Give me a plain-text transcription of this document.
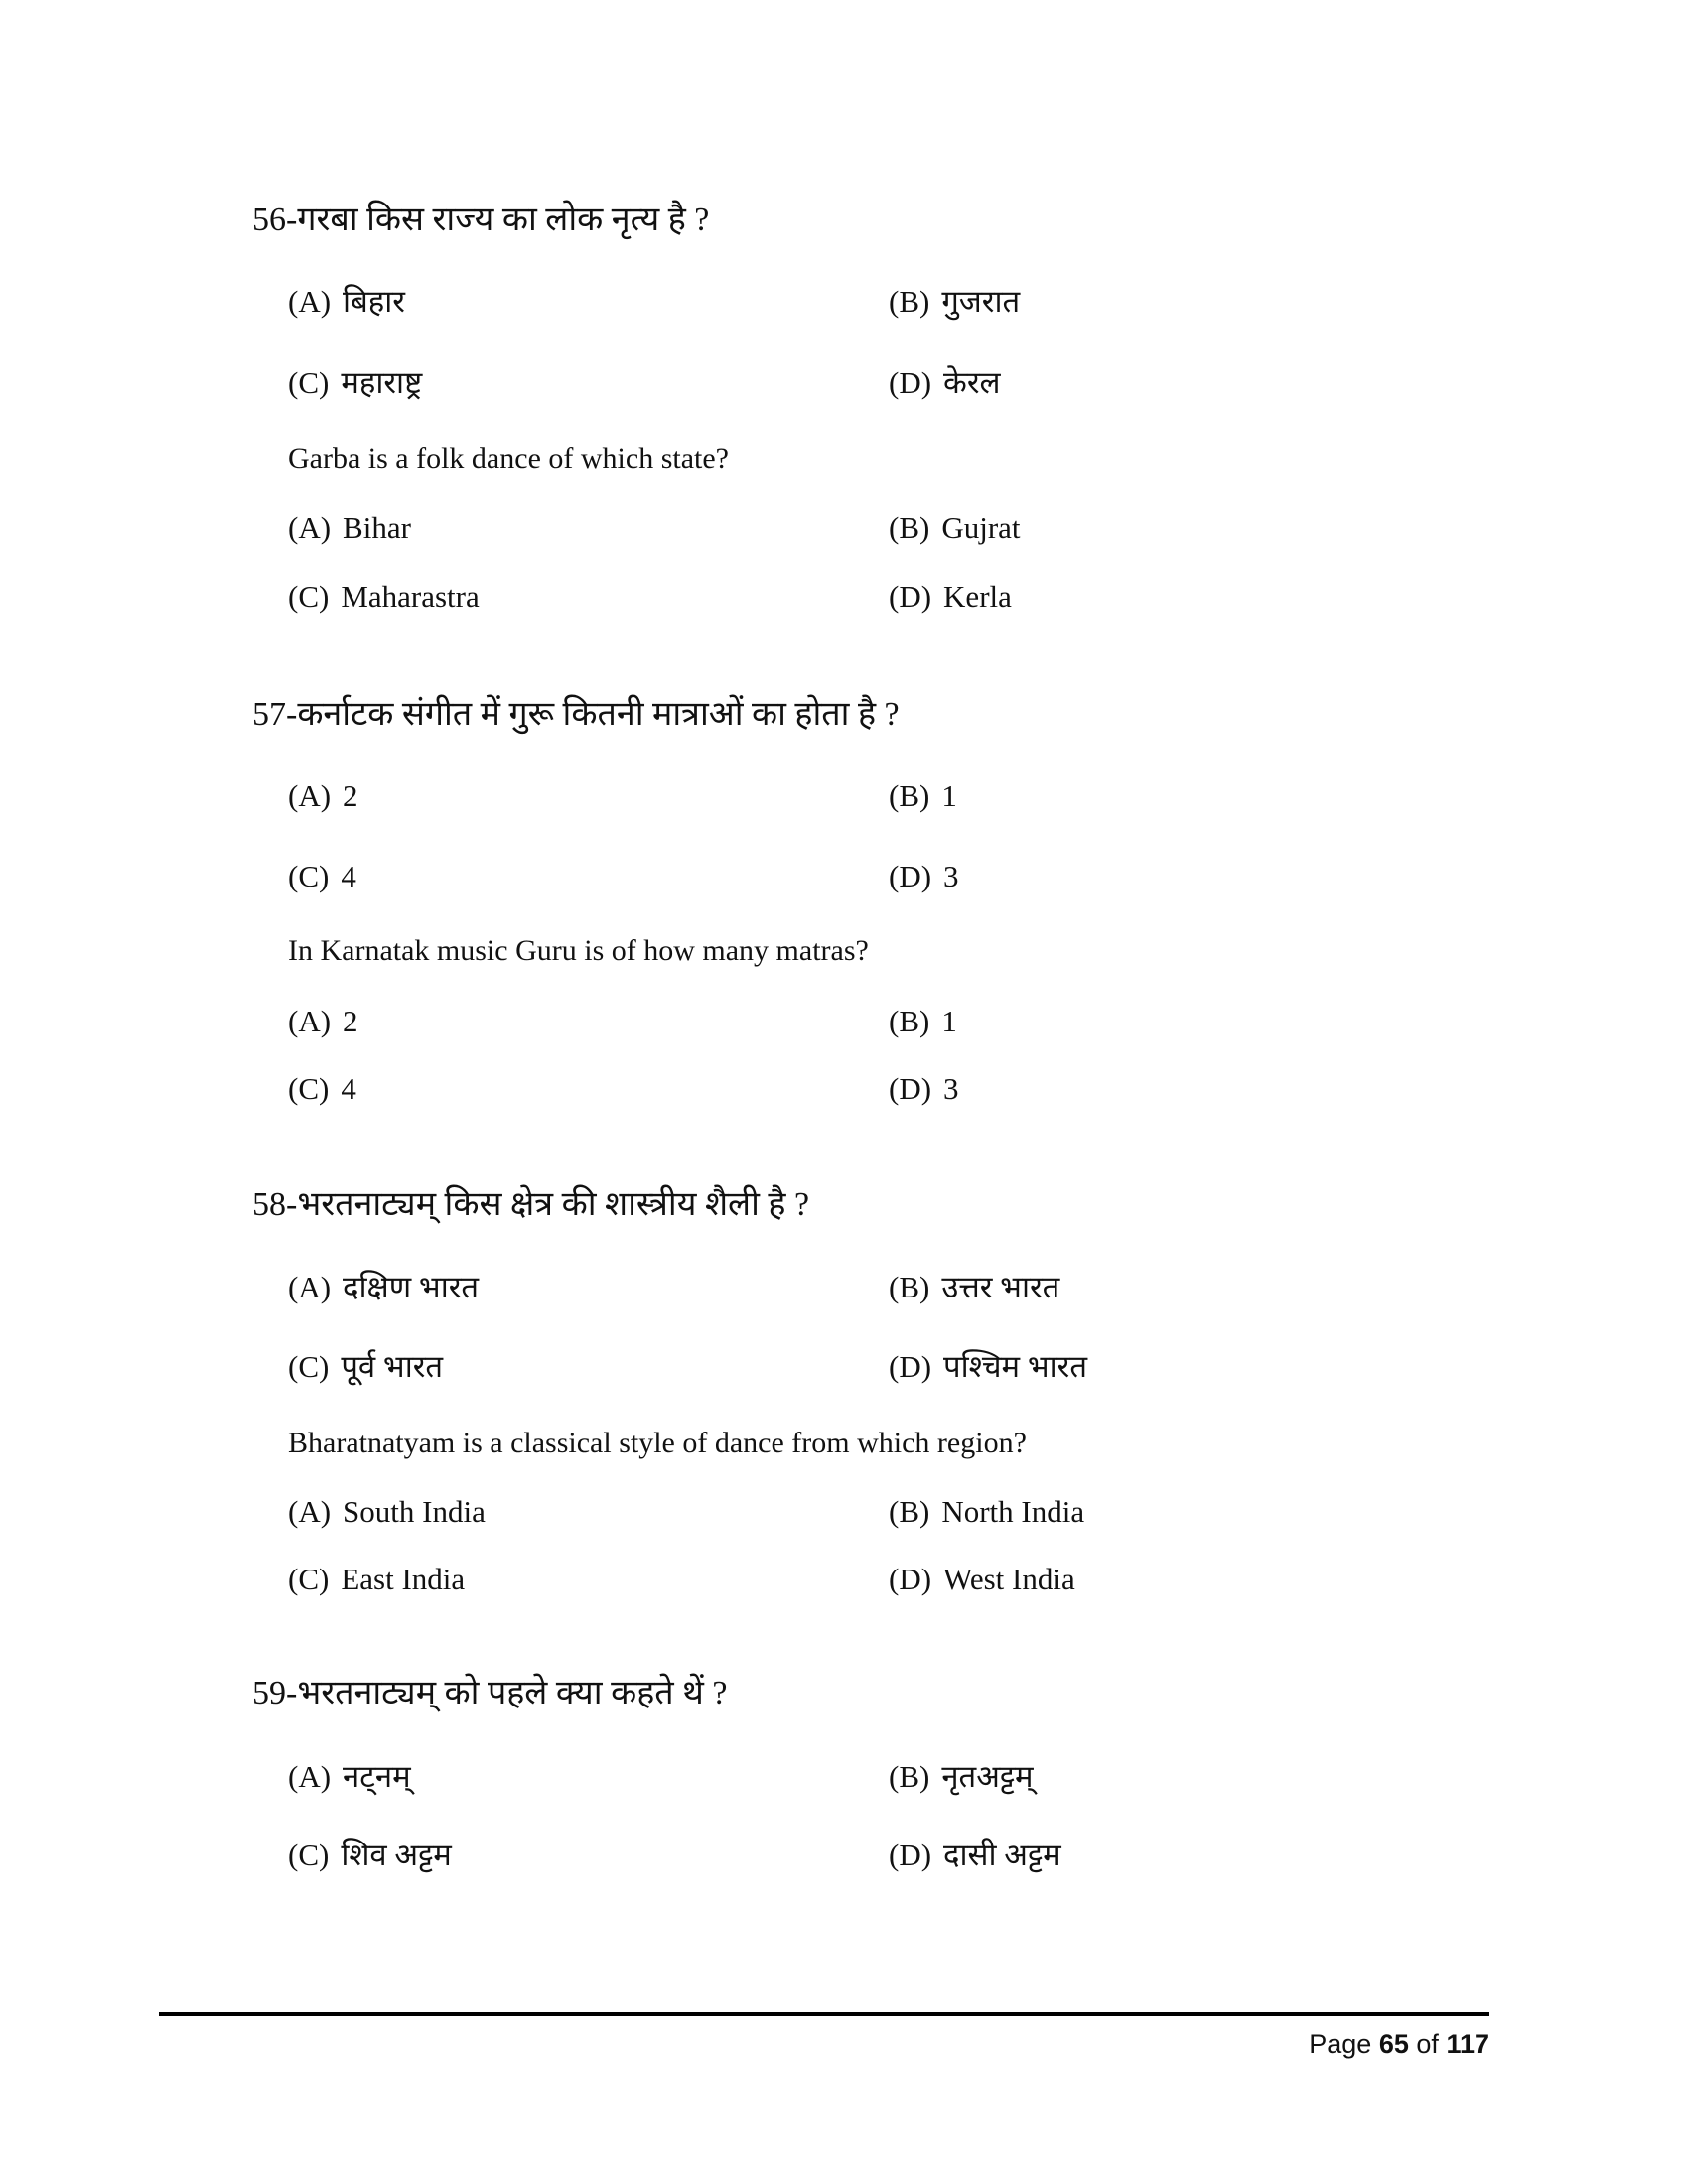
56-गरबा किस राज्य का लोक नृत्य है ?
(A) बिहार	(B) गुजरात
(C) महाराष्ट्र	(D) केरल
Garba is a folk dance of which state?
(A) Bihar	(B) Gujrat
(C) Maharastra	(D) Kerla
57-कर्नाटक संगीत में गुरू कितनी मात्राओं का होता है ?
(A) 2	(B) 1
(C) 4	(D) 3
In Karnatak music Guru is of how many matras?
(A) 2	(B) 1
(C) 4	(D) 3
58-भरतनाट्यम् किस क्षेत्र की शास्त्रीय शैली है ?
(A) दक्षिण भारत	(B) उत्तर भारत
(C) पूर्व भारत	(D) पश्चिम भारत
Bharatnatyam is a classical style of dance from which region?
(A) South India	(B) North India
(C) East India	(D) West India
59-भरतनाट्यम् को पहले क्या कहते थें ?
(A) नट्नम्	(B) नृतअट्टम्
(C) शिव अट्टम	(D) दासी अट्टम
Page 65 of 117
